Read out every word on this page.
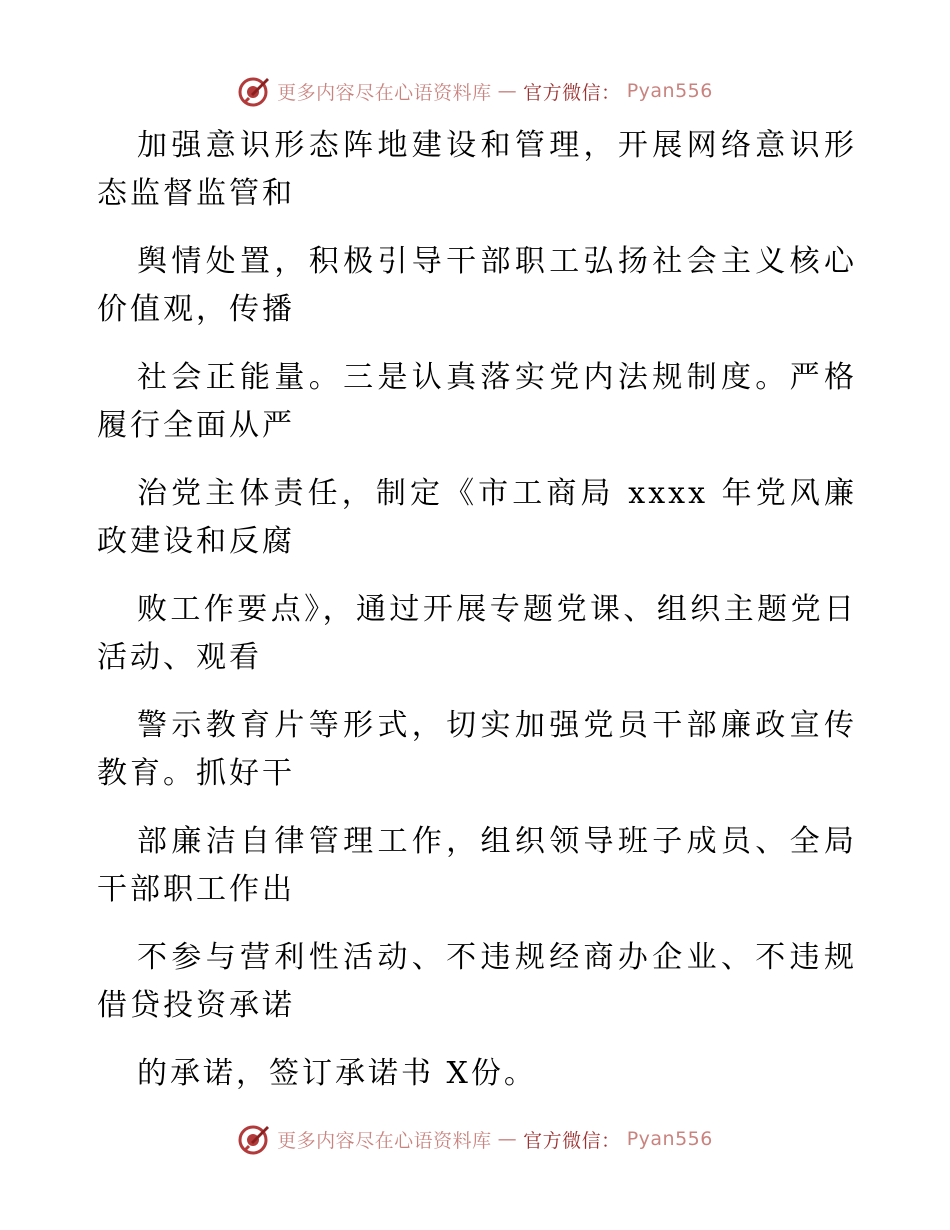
更多内容尽在心语资料库 — 官方微信： Pyan556

加强意识形态阵地建设和管理，开展网络意识形态监督监管和

舆情处置，积极引导干部职工弘扬社会主义核心价值观，传播

社会正能量。三是认真落实党内法规制度。严格履行全面从严

治党主体责任，制定《市工商局 xxxx 年党风廉政建设和反腐

败工作要点》，通过开展专题党课、组织主题党日活动、观看

警示教育片等形式，切实加强党员干部廉政宣传教育。抓好干

部廉洁自律管理工作，组织领导班子成员、全局干部职工作出

不参与营利性活动、不违规经商办企业、不违规借贷投资承诺

的承诺，签订承诺书 X份。

更多内容尽在心语资料库 — 官方微信： Pyan556
